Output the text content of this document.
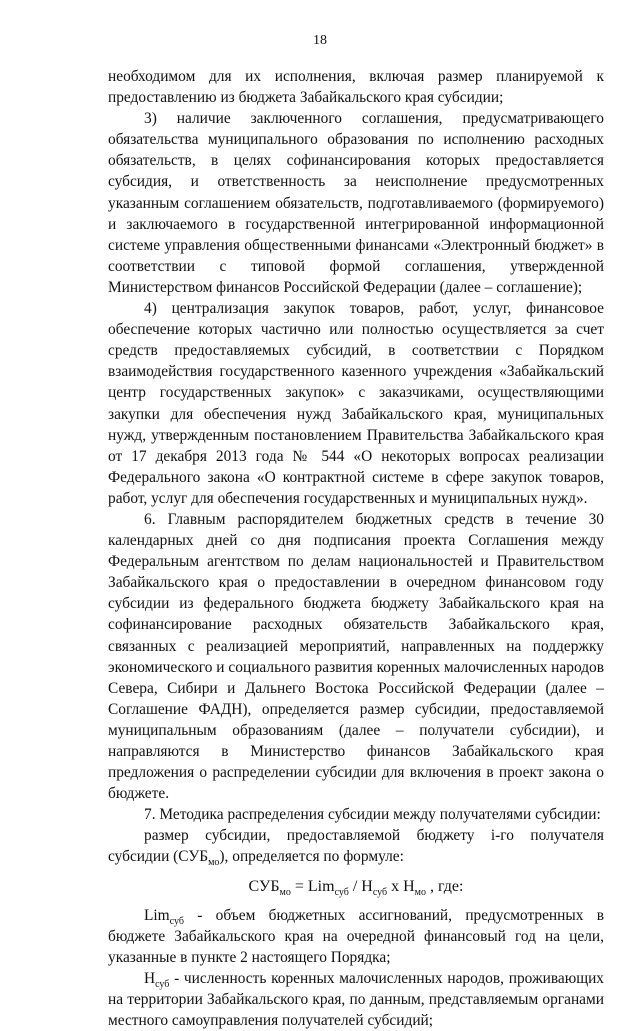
18

необходимом для их исполнения, включая размер планируемой к предоставлению из бюджета Забайкальского края субсидии;

3) наличие заключенного соглашения, предусматривающего обязательства муниципального образования по исполнению расходных обязательств, в целях софинансирования которых предоставляется субсидия, и ответственность за неисполнение предусмотренных указанным соглашением обязательств, подготавливаемого (формируемого) и заключаемого в государственной интегрированной информационной системе управления общественными финансами «Электронный бюджет» в соответствии с типовой формой соглашения, утвержденной Министерством финансов Российской Федерации (далее – соглашение);

4) централизация закупок товаров, работ, услуг, финансовое обеспечение которых частично или полностью осуществляется за счет средств предоставляемых субсидий, в соответствии с Порядком взаимодействия государственного казенного учреждения «Забайкальский центр государственных закупок» с заказчиками, осуществляющими закупки для обеспечения нужд Забайкальского края, муниципальных нужд, утвержденным постановлением Правительства Забайкальского края от 17 декабря 2013 года № 544 «О некоторых вопросах реализации Федерального закона «О контрактной системе в сфере закупок товаров, работ, услуг для обеспечения государственных и муниципальных нужд».

6. Главным распорядителем бюджетных средств в течение 30 календарных дней со дня подписания проекта Соглашения между Федеральным агентством по делам национальностей и Правительством Забайкальского края о предоставлении в очередном финансовом году субсидии из федерального бюджета бюджету Забайкальского края на софинансирование расходных обязательств Забайкальского края, связанных с реализацией мероприятий, направленных на поддержку экономического и социального развития коренных малочисленных народов Севера, Сибири и Дальнего Востока Российской Федерации (далее – Соглашение ФАДН), определяется размер субсидии, предоставляемой муниципальным образованиям (далее – получатели субсидии), и направляются в Министерство финансов Забайкальского края предложения о распределении субсидии для включения в проект закона о бюджете.

7. Методика распределения субсидии между получателями субсидии:

размер субсидии, предоставляемой бюджету i-го получателя субсидии $(СУБ_{мо})$, определяется по формуле:

$СУБ_{мо} = Lim_{суб} / Н_{суб}$ х $Н_{мо}$ , где:

Lim$_{суб}$ - объем бюджетных ассигнований, предусмотренных в бюджете Забайкальского края на очередной финансовый год на цели, указанные в пункте 2 настоящего Порядка;

$Н_{суб}$ - численность коренных малочисленных народов, проживающих на территории Забайкальского края, по данным, представляемым органами местного самоуправления получателей субсидий;
